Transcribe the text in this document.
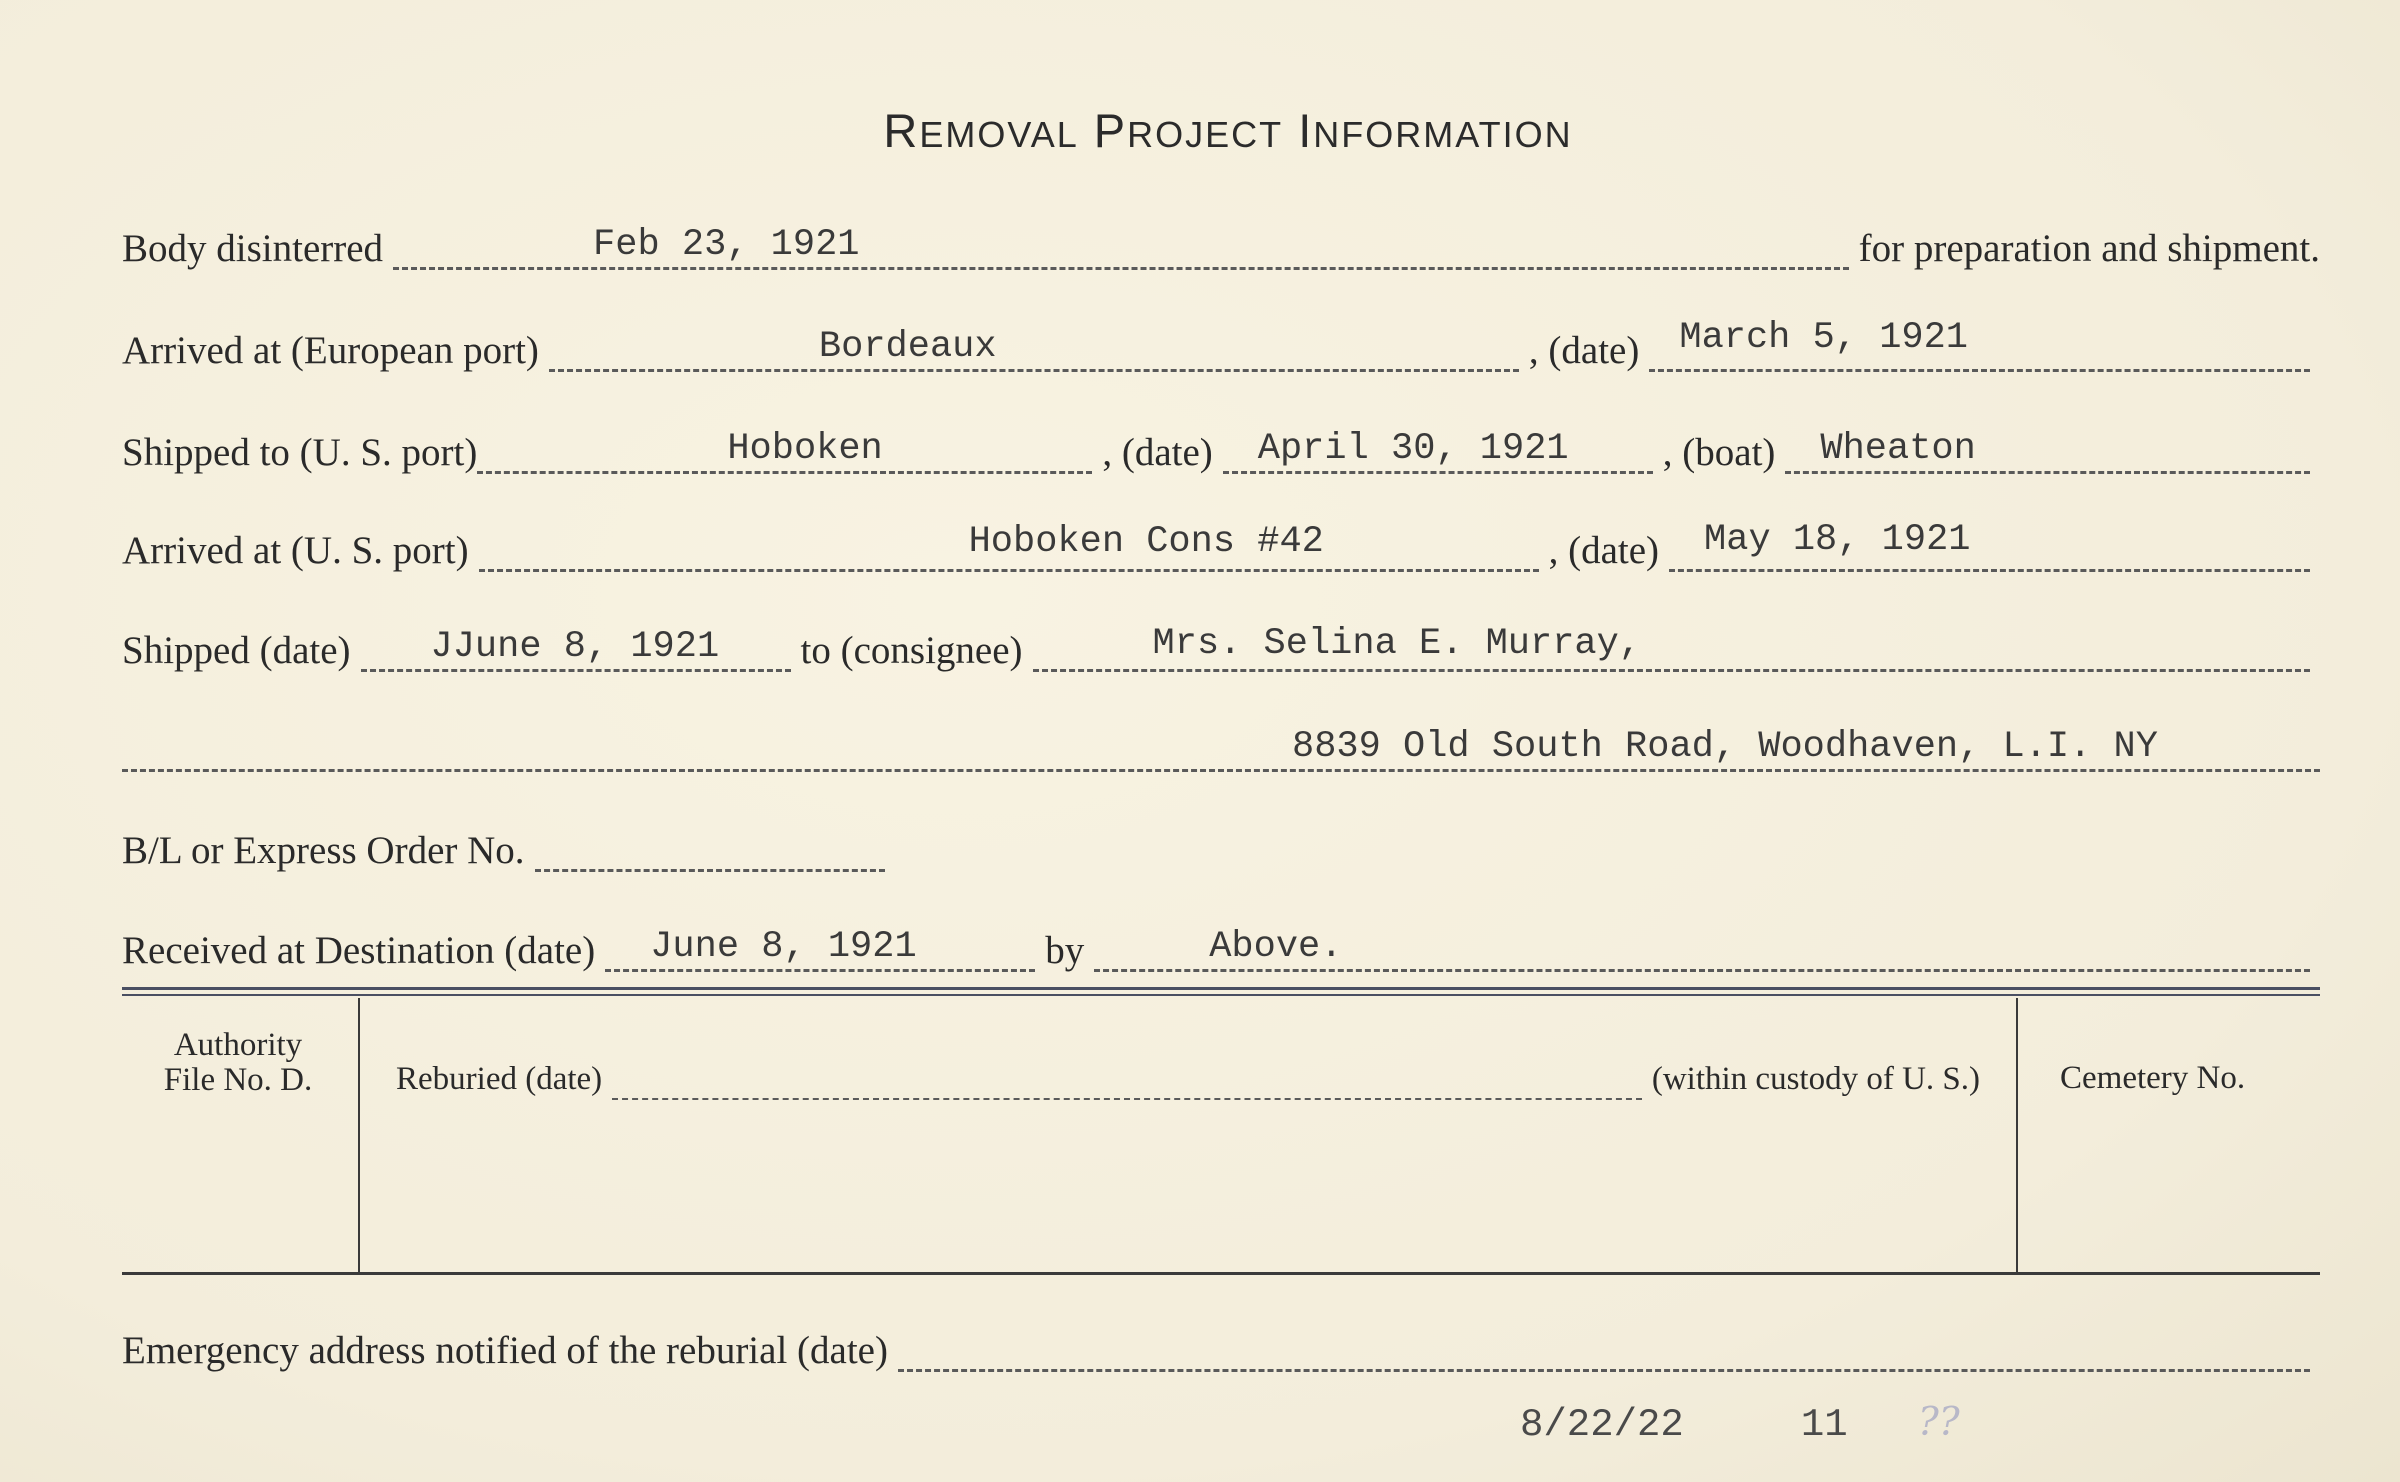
REMOVAL PROJECT INFORMATION
Body disinterred	Feb 23, 1921	for preparation and shipment.
Arrived at (European port)	Bordeaux	, (date) March 5, 1921
Shipped to (U. S. port)	Hoboken	, (date) April 30, 1921 , (boat) Wheaton
Arrived at (U. S. port)	Hoboken Cons #42	, (date) May 18, 1921
Shipped (date) JJune 8, 1921 to (consignee)	Mrs. Selina E. Murray,
8839 Old South Road, Woodhaven, L.I. NY
B/L or Express Order No.
Received at Destination (date) June 8, 1921	by	Above.
Authority
File No. D.	Reburied (date)	(within custody of U. S.) Cemetery No.
Emergency address notified of the reburial (date)
8/22/22	11 ??
